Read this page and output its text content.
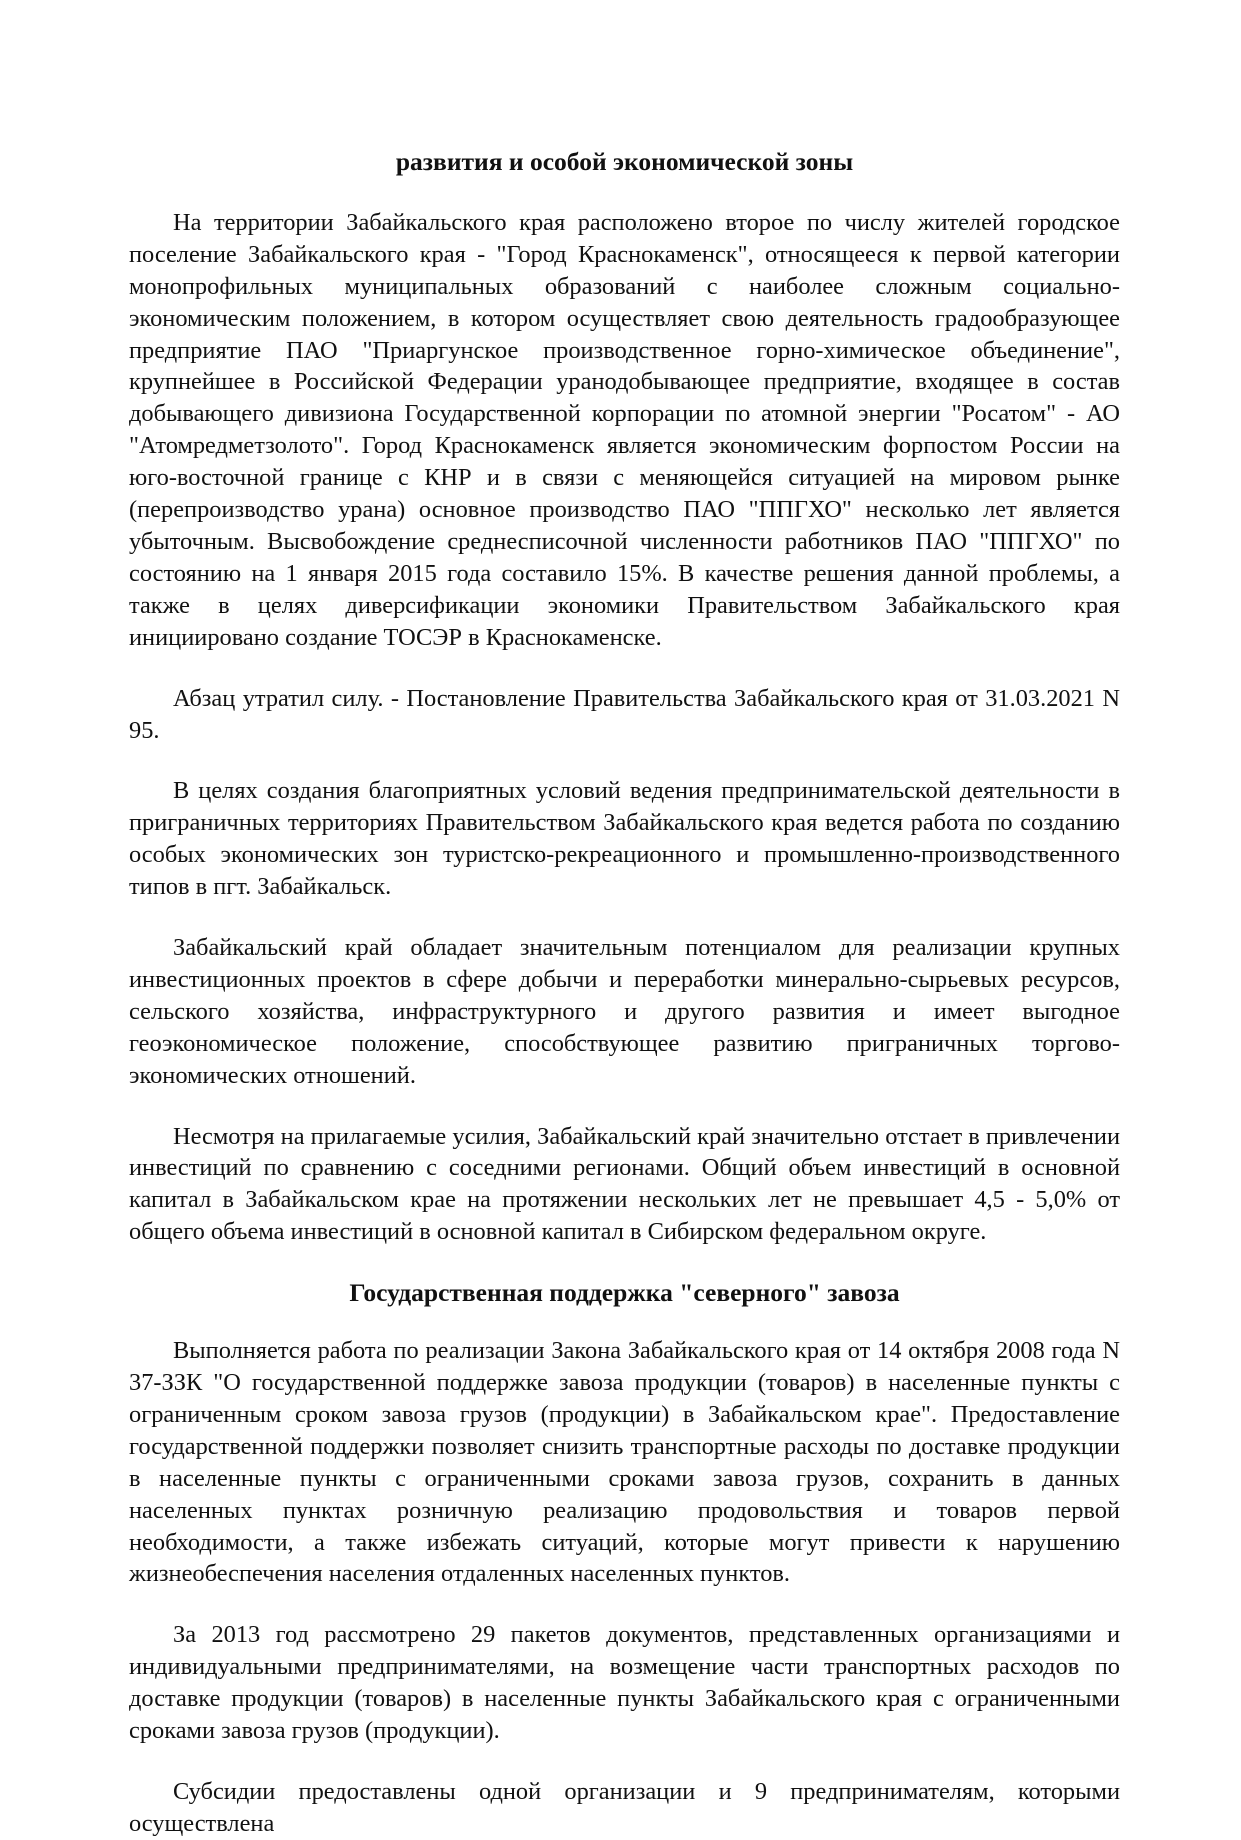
развития и особой экономической зоны

На территории Забайкальского края расположено второе по числу жителей городское поселение Забайкальского края - "Город Краснокаменск", относящееся к первой категории монопрофильных муниципальных образований с наиболее сложным социально-экономическим положением, в котором осуществляет свою деятельность градообразующее предприятие ПАО "Приаргунское производственное горно-химическое объединение", крупнейшее в Российской Федерации уранодобывающее предприятие, входящее в состав добывающего дивизиона Государственной корпорации по атомной энергии "Росатом" - АО "Атомредметзолото". Город Краснокаменск является экономическим форпостом России на юго-восточной границе с КНР и в связи с меняющейся ситуацией на мировом рынке (перепроизводство урана) основное производство ПАО "ППГХО" несколько лет является убыточным. Высвобождение среднесписочной численности работников ПАО "ППГХО" по состоянию на 1 января 2015 года составило 15%. В качестве решения данной проблемы, а также в целях диверсификации экономики Правительством Забайкальского края инициировано создание ТОСЭР в Краснокаменске.

Абзац утратил силу. - Постановление Правительства Забайкальского края от 31.03.2021 N 95.

В целях создания благоприятных условий ведения предпринимательской деятельности в приграничных территориях Правительством Забайкальского края ведется работа по созданию особых экономических зон туристско-рекреационного и промышленно-производственного типов в пгт. Забайкальск.

Забайкальский край обладает значительным потенциалом для реализации крупных инвестиционных проектов в сфере добычи и переработки минерально-сырьевых ресурсов, сельского хозяйства, инфраструктурного и другого развития и имеет выгодное геоэкономическое положение, способствующее развитию приграничных торгово-экономических отношений.

Несмотря на прилагаемые усилия, Забайкальский край значительно отстает в привлечении инвестиций по сравнению с соседними регионами. Общий объем инвестиций в основной капитал в Забайкальском крае на протяжении нескольких лет не превышает 4,5 - 5,0% от общего объема инвестиций в основной капитал в Сибирском федеральном округе.

Государственная поддержка "северного" завоза

Выполняется работа по реализации Закона Забайкальского края от 14 октября 2008 года N 37-ЗЗК "О государственной поддержке завоза продукции (товаров) в населенные пункты с ограниченным сроком завоза грузов (продукции) в Забайкальском крае". Предоставление государственной поддержки позволяет снизить транспортные расходы по доставке продукции в населенные пункты с ограниченными сроками завоза грузов, сохранить в данных населенных пунктах розничную реализацию продовольствия и товаров первой необходимости, а также избежать ситуаций, которые могут привести к нарушению жизнеобеспечения населения отдаленных населенных пунктов.

За 2013 год рассмотрено 29 пакетов документов, представленных организациями и индивидуальными предпринимателями, на возмещение части транспортных расходов по доставке продукции (товаров) в населенные пункты Забайкальского края с ограниченными сроками завоза грузов (продукции).

Субсидии предоставлены одной организации и 9 предпринимателям, которыми осуществлена
